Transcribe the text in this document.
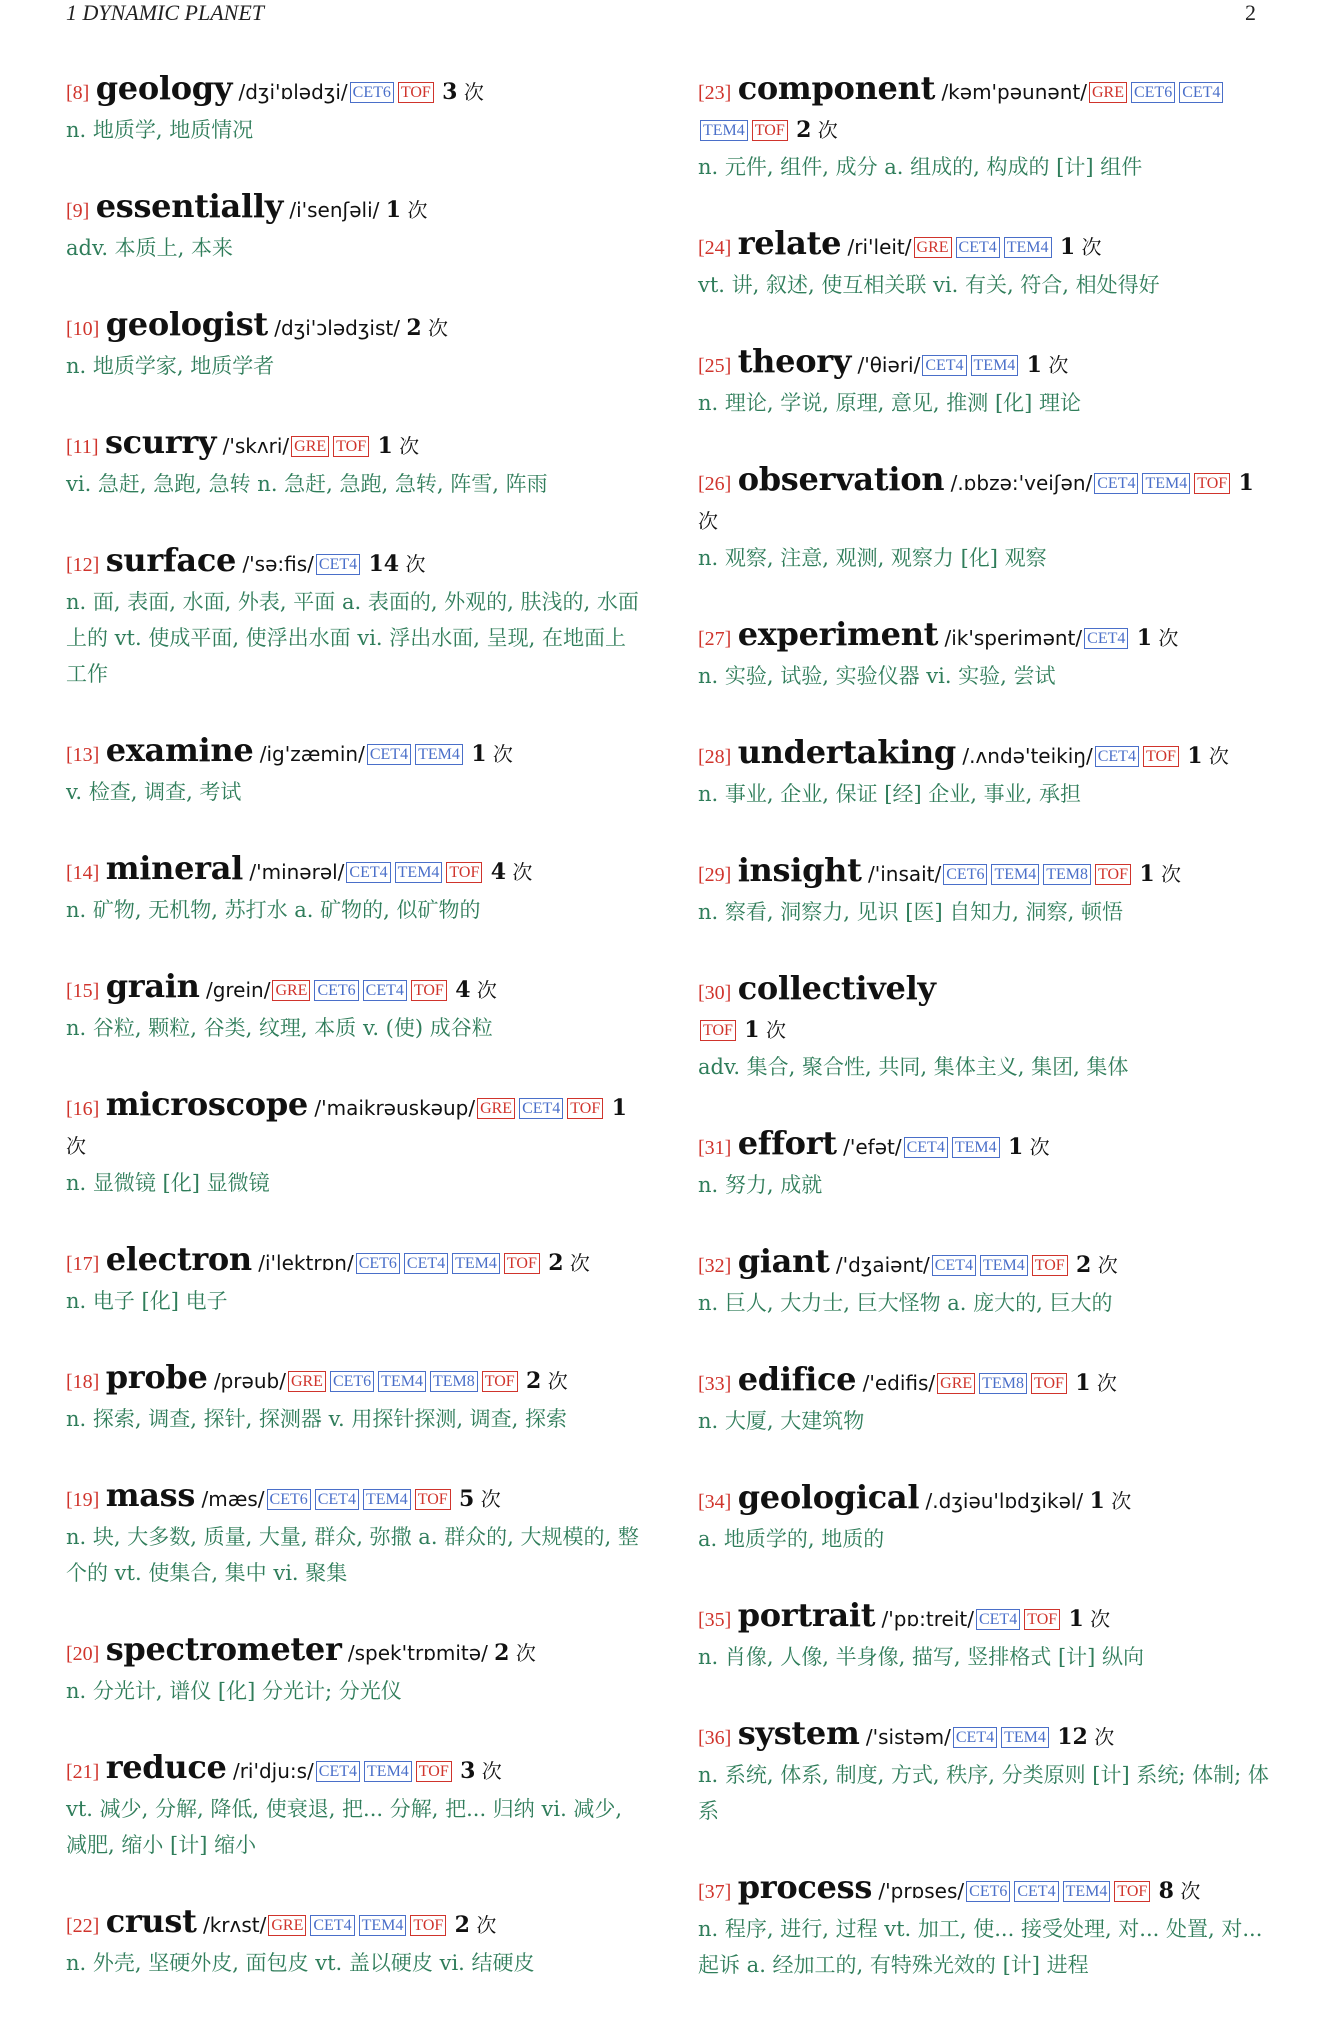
1 DYNAMIC PLANET	2
[8] geology /dʒi'ɒlədʒi/ CET6 TOF 3 次
n. 地质学, 地质情况
[9] essentially /i'senʃəli/ 1 次
adv. 本质上, 本来
[10] geologist /dʒi'ɔlədʒist/ 2 次
n. 地质学家, 地质学者
[11] scurry /'skʌri/ GRE TOF 1 次
vi. 急赶, 急跑, 急转 n. 急赶, 急跑, 急转, 阵雪, 阵雨
[12] surface /'sə:fis/ CET4 14 次
n. 面, 表面, 水面, 外表, 平面 a. 表面的, 外观的, 肤浅的, 水面上的 vt. 使成平面, 使浮出水面 vi. 浮出水面, 呈现, 在地面上工作
[13] examine /ig'zæmin/ CET4 TEM4 1 次
v. 检查, 调查, 考试
[14] mineral /'minərəl/ CET4 TEM4 TOF 4 次
n. 矿物, 无机物, 苏打水 a. 矿物的, 似矿物的
[15] grain /grein/ GRE CET6 CET4 TOF 4 次
n. 谷粒, 颗粒, 谷类, 纹理, 本质 v. (使) 成谷粒
[16] microscope /'maikrəuskəup/ GRE CET4 TOF 1 次
n. 显微镜 [化] 显微镜
[17] electron /i'lektrɒn/ CET6 CET4 TEM4 TOF 2 次
n. 电子 [化] 电子
[18] probe /prəub/ GRE CET6 TEM4 TEM8 TOF 2 次
n. 探索, 调查, 探针, 探测器 v. 用探针探测, 调查, 探索
[19] mass /mæs/ CET6 CET4 TEM4 TOF 5 次
n. 块, 大多数, 质量, 大量, 群众, 弥撒 a. 群众的, 大规模的, 整个的 vt. 使集合, 集中 vi. 聚集
[20] spectrometer /spek'trɒmitə/ 2 次
n. 分光计, 谱仪 [化] 分光计; 分光仪
[21] reduce /ri'dju:s/ CET4 TEM4 TOF 3 次
vt. 减少, 分解, 降低, 使衰退, 把... 分解, 把... 归纳 vi. 减少, 减肥, 缩小 [计] 缩小
[22] crust /krʌst/ GRE CET4 TEM4 TOF 2 次
n. 外壳, 坚硬外皮, 面包皮 vt. 盖以硬皮 vi. 结硬皮
[23] component /kəm'pəunənt/ GRE CET6 CET4TEM4 TOF 2 次
n. 元件, 组件, 成分 a. 组成的, 构成的 [计] 组件
[24] relate /ri'leit/ GRE CET4 TEM4 1 次
vt. 讲, 叙述, 使互相关联 vi. 有关, 符合, 相处得好
[25] theory /'θiəri/ CET4 TEM4 1 次
n. 理论, 学说, 原理, 意见, 推测 [化] 理论
[26] observation /.ɒbzə:'veiʃən/ CET4 TEM4 TOF 1 次
n. 观察, 注意, 观测, 观察力 [化] 观察
[27] experiment /ik'sperimənt/ CET4 1 次
n. 实验, 试验, 实验仪器 vi. 实验, 尝试
[28] undertaking /.ʌndə'teikiŋ/ CET4 TOF 1 次
n. 事业, 企业, 保证 [经] 企业, 事业, 承担
[29] insight /'insait/ CET6 TEM4 TEM8 TOF 1 次
n. 察看, 洞察力, 见识 [医] 自知力, 洞察, 顿悟
[30] collectively
TOF 1 次
adv. 集合, 聚合性, 共同, 集体主义, 集团, 集体
[31] effort /'efət/ CET4 TEM4 1 次
n. 努力, 成就
[32] giant /'dʒaiənt/ CET4 TEM4 TOF 2 次
n. 巨人, 大力士, 巨大怪物 a. 庞大的, 巨大的
[33] edifice /'edifis/ GRE TEM8 TOF 1 次
n. 大厦, 大建筑物
[34] geological /.dʒiəu'lɒdʒikəl/ 1 次
a. 地质学的, 地质的
[35] portrait /'pɒ:treit/ CET4 TOF 1 次
n. 肖像, 人像, 半身像, 描写, 竖排格式 [计] 纵向
[36] system /'sistəm/ CET4 TEM4 12 次
n. 系统, 体系, 制度, 方式, 秩序, 分类原则 [计] 系统; 体制; 体系
[37] process /'prɒses/ CET6 CET4 TEM4 TOF 8 次
n. 程序, 进行, 过程 vt. 加工, 使... 接受处理, 对... 处置, 对... 起诉 a. 经加工的, 有特殊光效的 [计] 进程
